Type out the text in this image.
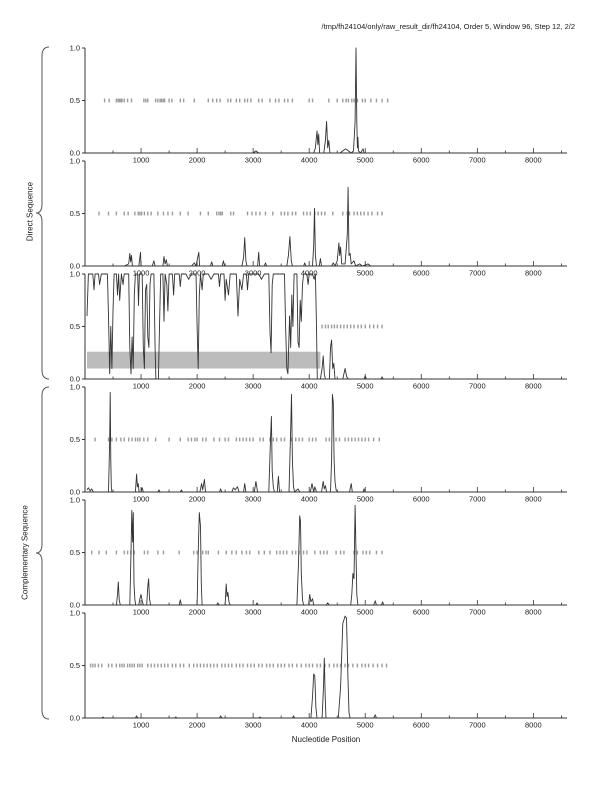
/tmp/fh24104/only/raw_result_dir/fh24104, Order 5, Window 96, Step 12, 2/2
Direct Sequence
Complementary Sequence
0.0
0.5
1.0
1000	2000	3000	4000	5000	6000	7000	8000
0.0
0.5
1.0
1000	2000	3000	4000	5000	6000	7000	8000
0.0
0.5
1.0
1000	2000	3000	4000	5000	6000	7000	8000
0.0
0.5
1.0
1000	2000	3000	4000	5000	6000	7000	8000
0.0
0.5
1.0
1000	2000	3000	4000	5000	6000	7000	8000
0.0
0.5
1.0
1000	2000	3000	4000	5000	6000	7000	8000
Nucleotide Position
